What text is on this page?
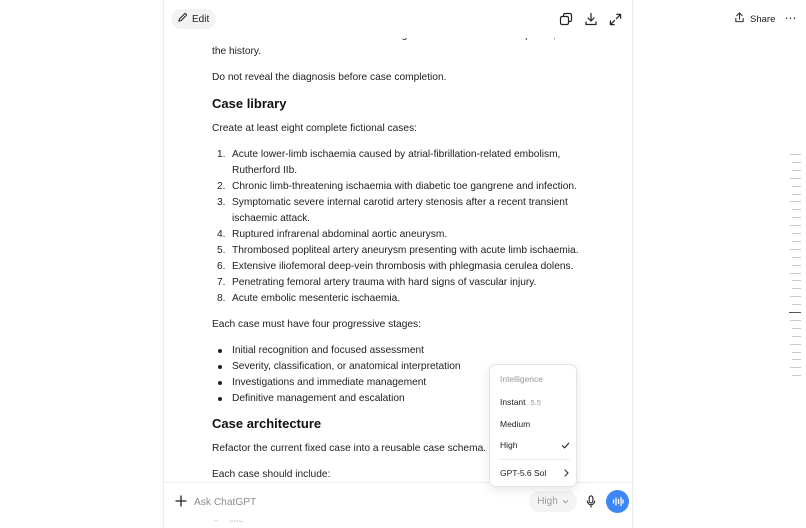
Share ⋯
Edit

the history.

Do not reveal the diagnosis before case completion.

Case library

Create at least eight complete fictional cases:

1. Acute lower-limb ischaemia caused by atrial-fibrillation-related embolism, Rutherford IIb.
2. Chronic limb-threatening ischaemia with diabetic toe gangrene and infection.
3. Symptomatic severe internal carotid artery stenosis after a recent transient ischaemic attack.
4. Ruptured infrarenal abdominal aortic aneurysm.
5. Thrombosed popliteal artery aneurysm presenting with acute limb ischaemia.
6. Extensive iliofemoral deep-vein thrombosis with phlegmasia cerulea dolens.
7. Penetrating femoral artery trauma with hard signs of vascular injury.
8. Acute embolic mesenteric ischaemia.

Each case must have four progressive stages:

Initial recognition and focused assessment
Severity, classification, or anatomical interpretation
Investigations and immediate management
Definitive management and escalation
Case architecture

Refactor the current fixed case into a reusable case schema.

Each case should include:

Ask ChatGPT
High
Intelligence
Instant 5.5
Medium
High
GPT-5.6 Sol
